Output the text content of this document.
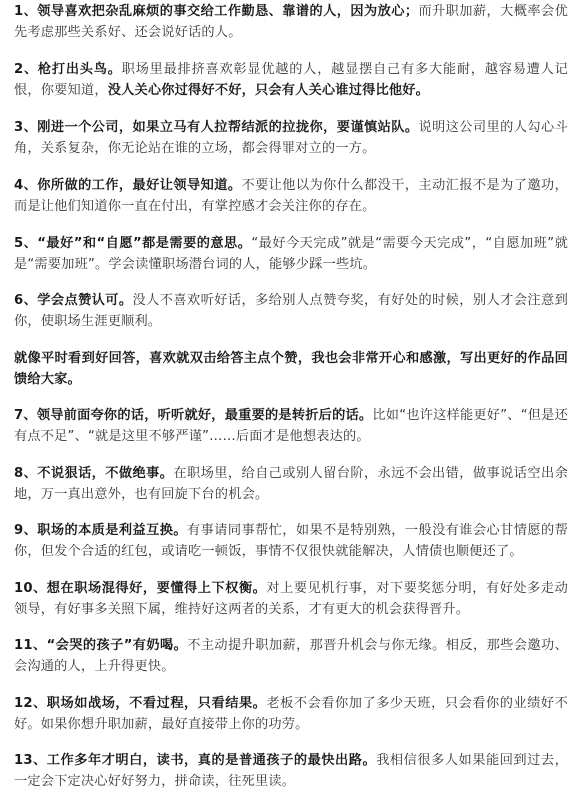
1、领导喜欢把杂乱麻烦的事交给工作勤恳、靠谱的人，因为放心；而升职加薪，大概率会优先考虑那些关系好、还会说好话的人。

2、枪打出头鸟。职场里最排挤喜欢彰显优越的人，越显摆自己有多大能耐，越容易遭人记恨，你要知道，没人关心你过得好不好，只会有人关心谁过得比他好。

3、刚进一个公司，如果立马有人拉帮结派的拉拢你，要谨慎站队。说明这公司里的人勾心斗角，关系复杂，你无论站在谁的立场，都会得罪对立的一方。

4、你所做的工作，最好让领导知道。不要让他以为你什么都没干，主动汇报不是为了邀功，而是让他们知道你一直在付出，有掌控感才会关注你的存在。

5、“最好”和“自愿”都是需要的意思。“最好今天完成”就是“需要今天完成”，“自愿加班”就是“需要加班”。学会读懂职场潜台词的人，能够少踩一些坑。

6、学会点赞认可。没人不喜欢听好话，多给别人点赞夸奖，有好处的时候，别人才会注意到你，使职场生涯更顺利。

就像平时看到好回答，喜欢就双击给答主点个赞，我也会非常开心和感激，写出更好的作品回馈给大家。

7、领导前面夸你的话，听听就好，最重要的是转折后的话。比如“也许这样能更好”、“但是还有点不足”、“就是这里不够严谨”……后面才是他想表达的。

8、不说狠话，不做绝事。在职场里，给自己或别人留台阶，永远不会出错，做事说话空出余地，万一真出意外，也有回旋下台的机会。

9、职场的本质是利益互换。有事请同事帮忙，如果不是特别熟，一般没有谁会心甘情愿的帮你，但发个合适的红包，或请吃一顿饭，事情不仅很快就能解决，人情债也顺便还了。

10、想在职场混得好，要懂得上下权衡。对上要见机行事，对下要奖惩分明，有好处多走动领导，有好事多关照下属，维持好这两者的关系，才有更大的机会获得晋升。

11、“会哭的孩子”有奶喝。不主动提升职加薪，那晋升机会与你无缘。相反，那些会邀功、会沟通的人，上升得更快。

12、职场如战场，不看过程，只看结果。老板不会看你加了多少天班，只会看你的业绩好不好。如果你想升职加薪，最好直接带上你的功劳。

13、工作多年才明白，读书，真的是普通孩子的最快出路。我相信很多人如果能回到过去，一定会下定决心好好努力，拼命读，往死里读。
